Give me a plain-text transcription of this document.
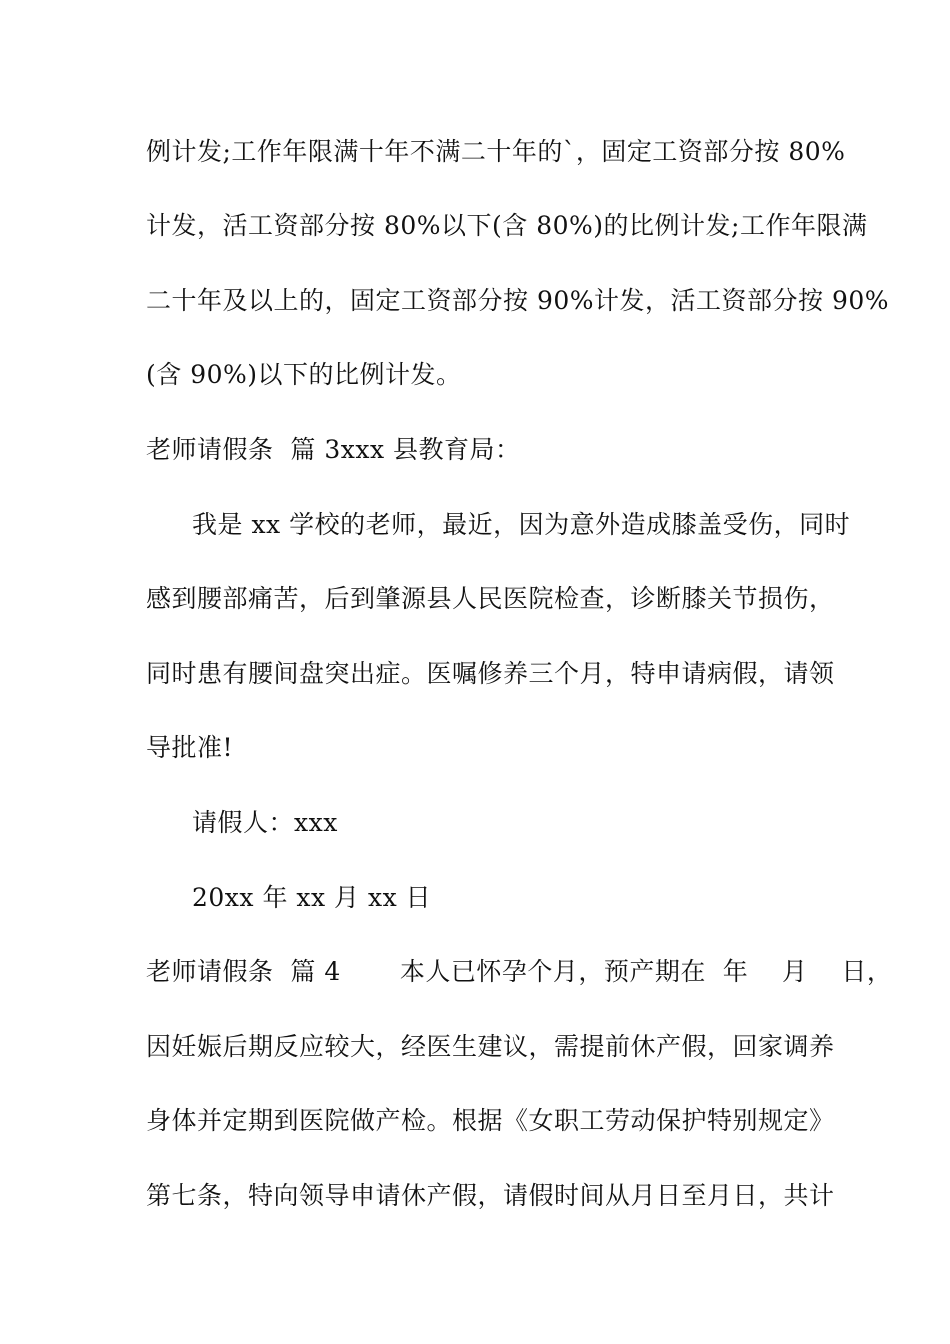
例计发;工作年限满十年不满二十年的`，固定工资部分按 80%
计发，活工资部分按 80%以下(含 80%)的比例计发;工作年限满
二十年及以上的，固定工资部分按 90%计发，活工资部分按 90%
(含 90%)以下的比例计发。
老师请假条  篇 3xxx 县教育局：
我是 xx 学校的老师，最近，因为意外造成膝盖受伤，同时
感到腰部痛苦，后到肇源县人民医院检查，诊断膝关节损伤，
同时患有腰间盘突出症。医嘱修养三个月，特申请病假，请领
导批准!
请假人：xxx
20xx 年 xx 月 xx 日
老师请假条  篇 4       本人已怀孕个月，预产期在  年    月    日，
因妊娠后期反应较大，经医生建议，需提前休产假，回家调养
身体并定期到医院做产检。根据《女职工劳动保护特别规定》
第七条，特向领导申请休产假，请假时间从月日至月日，共计
